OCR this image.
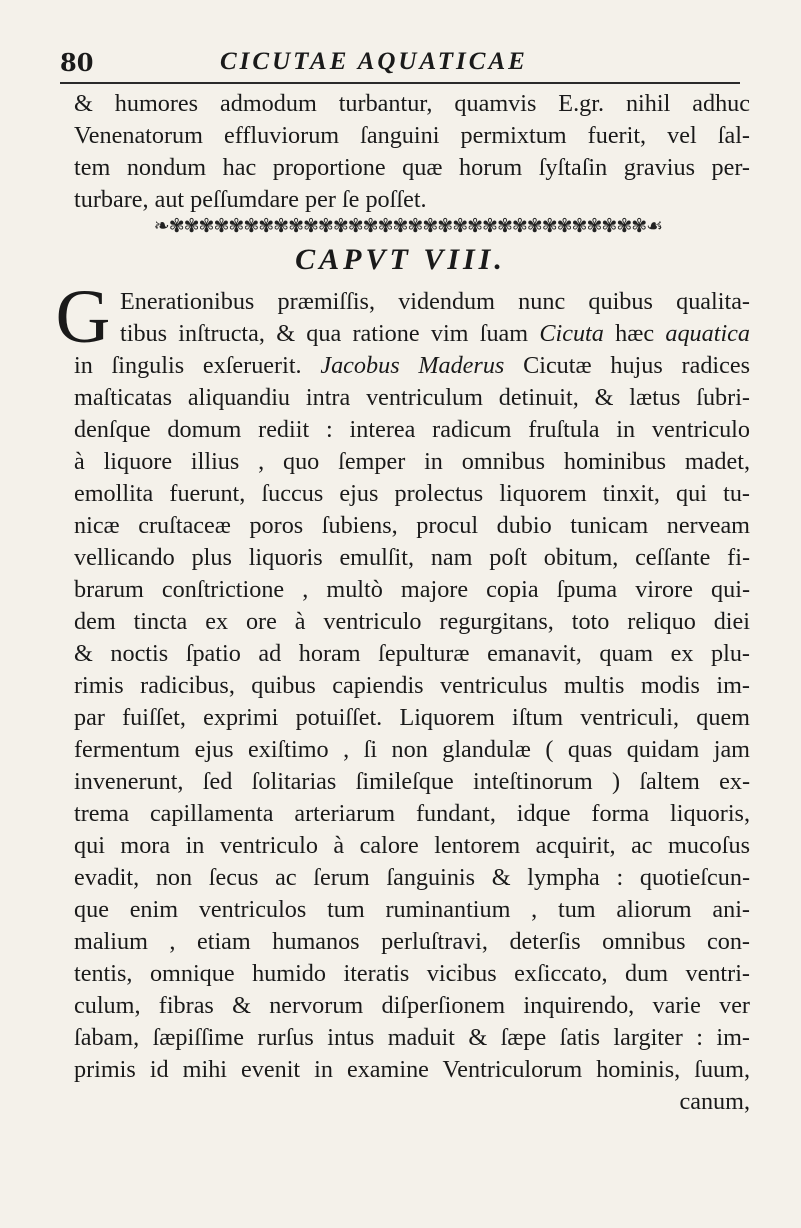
80	CICUTAE AQUATICAE
& humores admodum turbantur, quamvis E.gr. nihil adhuc
Venenatorum effluviorum ſanguini permixtum fuerit, vel ſal-
tem nondum hac proportione quæ horum ſyſtaſin gravius per-
turbare, aut peſſumdare per ſe poſſet.
❧✾✾✾✾✾✾✾✾✾✾✾✾✾✾✾✾✾✾✾✾✾✾✾✾✾✾✾✾✾✾✾✾☙
CAPVT VIII.
G Enerationibus præmiſſis, videndum nunc quibus qualita-
tibus inſtructa, & qua ratione vim ſuam Cicuta hæc aquatica
in ſingulis exſeruerit. Jacobus Maderus Cicutæ hujus radices
maſticatas aliquandiu intra ventriculum detinuit, & lætus ſubri-
denſque domum rediit : interea radicum fruſtula in ventriculo
à liquore illius , quo ſemper in omnibus hominibus madet,
emollita fuerunt, ſuccus ejus prolectus liquorem tinxit, qui tu-
nicæ cruſtaceæ poros ſubiens, procul dubio tunicam nerveam
vellicando plus liquoris emulſit, nam poſt obitum, ceſſante fi-
brarum conſtrictione , multò majore copia ſpuma virore qui-
dem tincta ex ore à ventriculo regurgitans, toto reliquo diei
& noctis ſpatio ad horam ſepulturæ emanavit, quam ex plu-
rimis radicibus, quibus capiendis ventriculus multis modis im-
par fuiſſet, exprimi potuiſſet. Liquorem iſtum ventriculi, quem
fermentum ejus exiſtimo , ſi non glandulæ ( quas quidam jam
invenerunt, ſed ſolitarias ſimileſque inteſtinorum ) ſaltem ex-
trema capillamenta arteriarum fundant, idque forma liquoris,
qui mora in ventriculo à calore lentorem acquirit, ac mucoſus
evadit, non ſecus ac ſerum ſanguinis & lympha : quotieſcun-
que enim ventriculos tum ruminantium , tum aliorum ani-
malium , etiam humanos perluſtravi, deterſis omnibus con-
tentis, omnique humido iteratis vicibus exſiccato, dum ventri-
culum, fibras & nervorum diſperſionem inquirendo, varie ver
ſabam, ſæpiſſime rurſus intus maduit & ſæpe ſatis largiter : im-
primis id mihi evenit in examine Ventriculorum hominis, ſuum,
canum,
